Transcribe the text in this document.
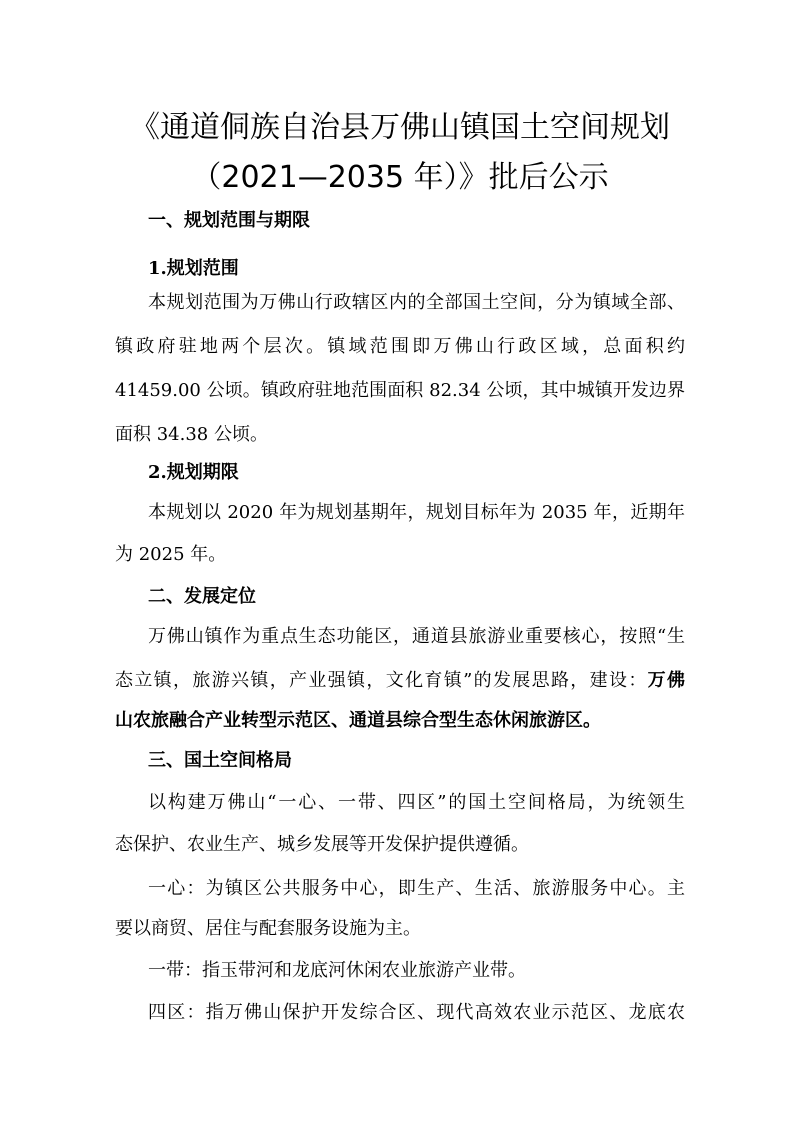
《通道侗族自治县万佛山镇国土空间规划
（2021—2035 年）》批后公示
一、规划范围与期限
1.规划范围
本规划范围为万佛山行政辖区内的全部国土空间，分为镇域全部、
镇政府驻地两个层次。镇域范围即万佛山行政区域，总面积约
41459.00 公顷。镇政府驻地范围面积 82.34 公顷，其中城镇开发边界
面积 34.38 公顷。
2.规划期限
本规划以 2020 年为规划基期年，规划目标年为 2035 年，近期年
为 2025 年。
二、发展定位
万佛山镇作为重点生态功能区，通道县旅游业重要核心，按照“生
态立镇，旅游兴镇，产业强镇，文化育镇”的发展思路，建设：万佛
山农旅融合产业转型示范区、通道县综合型生态休闲旅游区。
三、国土空间格局
以构建万佛山“一心、一带、四区”的国土空间格局，为统领生
态保护、农业生产、城乡发展等开发保护提供遵循。
一心：为镇区公共服务中心，即生产、生活、旅游服务中心。主
要以商贸、居住与配套服务设施为主。
一带：指玉带河和龙底河休闲农业旅游产业带。
四区：指万佛山保护开发综合区、现代高效农业示范区、龙底农
